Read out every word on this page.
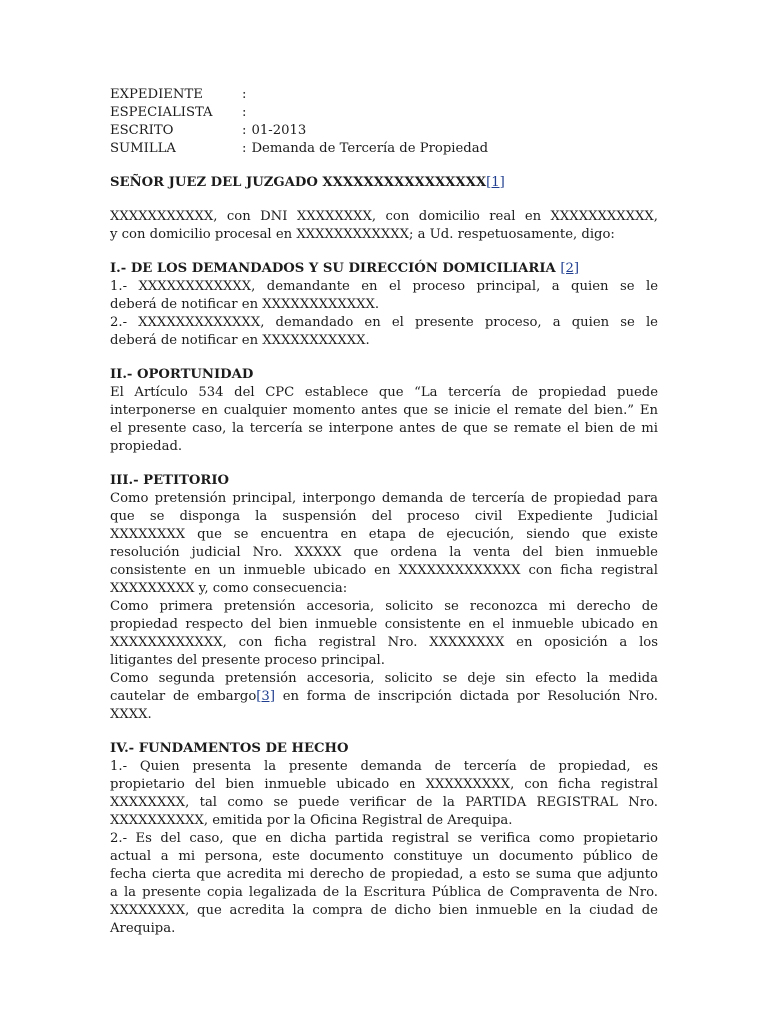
EXPEDIENTE	:
ESPECIALISTA	:
ESCRITO	: 01-2013
SUMILLA	: Demanda de Tercería de Propiedad
SEÑOR JUEZ DEL JUZGADO XXXXXXXXXXXXXXXX[1]
XXXXXXXXXXX, con DNI XXXXXXXX, con domicilio real en XXXXXXXXXXX,
y con domicilio procesal en XXXXXXXXXXXX; a Ud. respetuosamente, digo:
I.- DE LOS DEMANDADOS Y SU DIRECCIÓN DOMICILIARIA [2]
1.- XXXXXXXXXXXX, demandante en el proceso principal, a quien se le
deberá de notificar en XXXXXXXXXXXX.
2.- XXXXXXXXXXXXX, demandado en el presente proceso, a quien se le
deberá de notificar en XXXXXXXXXXX.
II.- OPORTUNIDAD
El Artículo 534 del CPC establece que “La tercería de propiedad puede
interponerse en cualquier momento antes que se inicie el remate del bien.” En
el presente caso, la tercería se interpone antes de que se remate el bien de mi
propiedad.
III.- PETITORIO
Como pretensión principal, interpongo demanda de tercería de propiedad para
que se disponga la suspensión del proceso civil Expediente Judicial
XXXXXXXX que se encuentra en etapa de ejecución, siendo que existe
resolución judicial Nro. XXXXX que ordena la venta del bien inmueble
consistente en un inmueble ubicado en XXXXXXXXXXXXX con ficha registral
XXXXXXXXX y, como consecuencia:
Como primera pretensión accesoria, solicito se reconozca mi derecho de
propiedad respecto del bien inmueble consistente en el inmueble ubicado en
XXXXXXXXXXXX, con ficha registral Nro. XXXXXXXX en oposición a los
litigantes del presente proceso principal.
Como segunda pretensión accesoria, solicito se deje sin efecto la medida
cautelar de embargo[3] en forma de inscripción dictada por Resolución Nro.
XXXX.
IV.- FUNDAMENTOS DE HECHO
1.- Quien presenta la presente demanda de tercería de propiedad, es
propietario del bien inmueble ubicado en XXXXXXXXX, con ficha registral
XXXXXXXX, tal como se puede verificar de la PARTIDA REGISTRAL Nro.
XXXXXXXXXX, emitida por la Oficina Registral de Arequipa.
2.- Es del caso, que en dicha partida registral se verifica como propietario
actual a mi persona, este documento constituye un documento público de
fecha cierta que acredita mi derecho de propiedad, a esto se suma que adjunto
a la presente copia legalizada de la Escritura Pública de Compraventa de Nro.
XXXXXXXX, que acredita la compra de dicho bien inmueble en la ciudad de
Arequipa.
